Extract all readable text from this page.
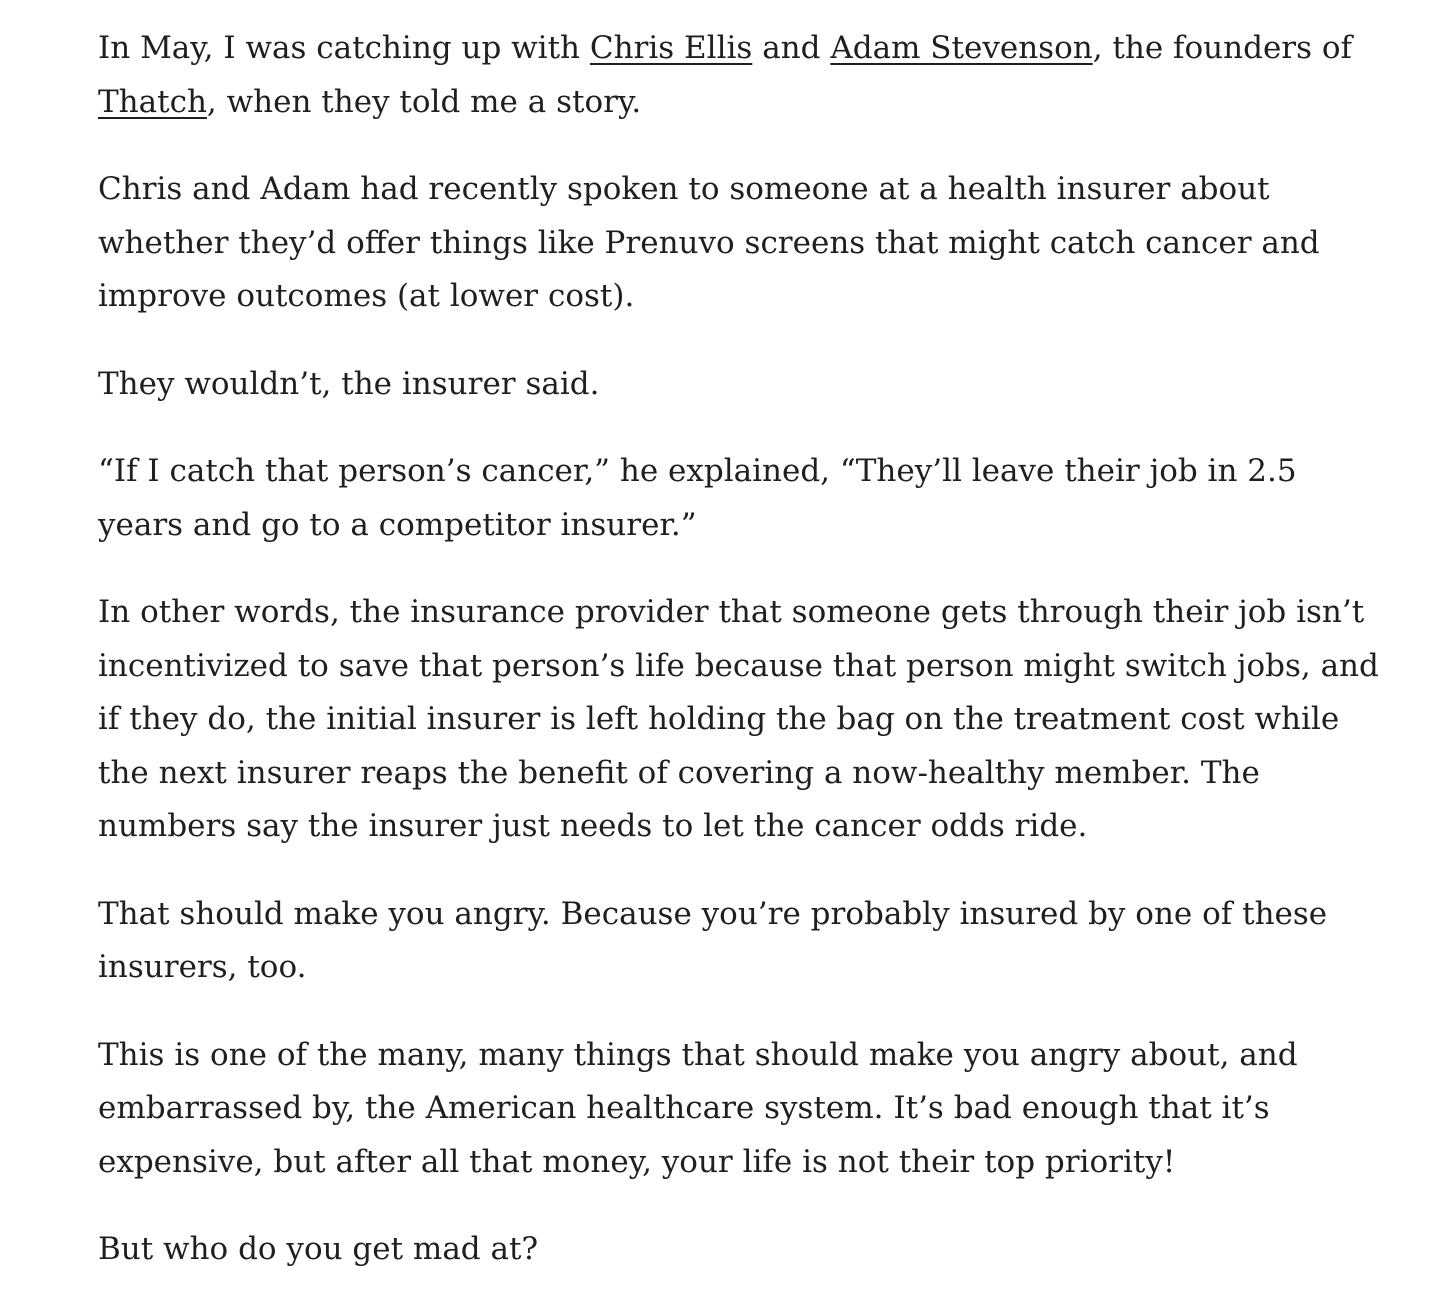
In May, I was catching up with Chris Ellis and Adam Stevenson, the founders of Thatch, when they told me a story.

Chris and Adam had recently spoken to someone at a health insurer about whether they’d offer things like Prenuvo screens that might catch cancer and improve outcomes (at lower cost).

They wouldn’t, the insurer said.

“If I catch that person’s cancer,” he explained, “They’ll leave their job in 2.5 years and go to a competitor insurer.”

In other words, the insurance provider that someone gets through their job isn’t incentivized to save that person’s life because that person might switch jobs, and if they do, the initial insurer is left holding the bag on the treatment cost while the next insurer reaps the benefit of covering a now-healthy member. The numbers say the insurer just needs to let the cancer odds ride.

That should make you angry. Because you’re probably insured by one of these insurers, too.

This is one of the many, many things that should make you angry about, and embarrassed by, the American healthcare system. It’s bad enough that it’s expensive, but after all that money, your life is not their top priority!

But who do you get mad at?
